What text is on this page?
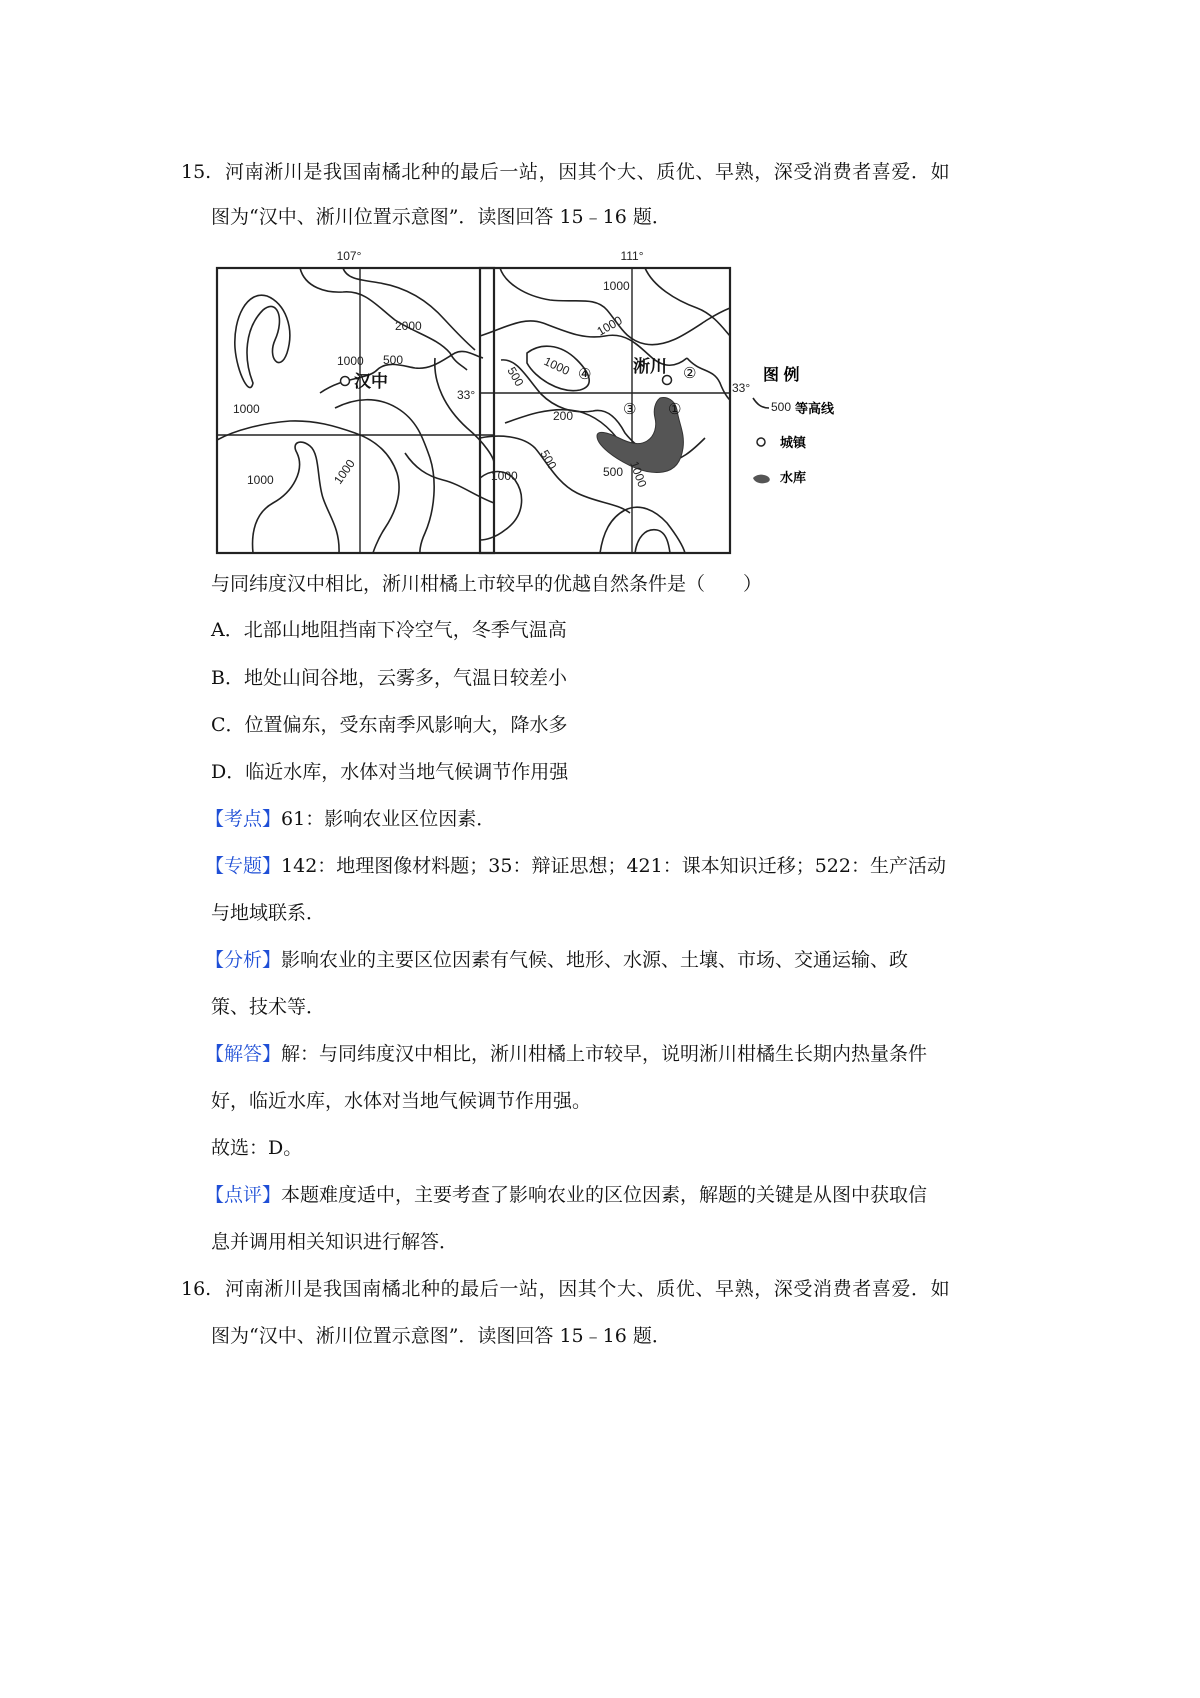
15. 河南淅川是我国南橘北种的最后一站，因其个大、质优、早熟，深受消费者喜爱．如
图为“汉中、淅川位置示意图”．读图回答 15﹣16 题．
107°
2000
1000 500
1000
1000	1000
汉中
111°
33°	33°
1000
1000
1000
500
200
500
1000	1000
500
淅川 ②
①
③
④	图 例
500 等高线
城镇
水库
与同纬度汉中相比，淅川柑橘上市较早的优越自然条件是（　　）
A．北部山地阻挡南下冷空气，冬季气温高
B．地处山间谷地，云雾多，气温日较差小
C．位置偏东，受东南季风影响大，降水多
D．临近水库，水体对当地气候调节作用强
【考点】61：影响农业区位因素．
【专题】142：地理图像材料题；35：辩证思想；421：课本知识迁移；522：生产活动
与地域联系．
【分析】影响农业的主要区位因素有气候、地形、水源、土壤、市场、交通运输、政
策、技术等．
【解答】解：与同纬度汉中相比，淅川柑橘上市较早，说明淅川柑橘生长期内热量条件
好，临近水库，水体对当地气候调节作用强。
故选：D。
【点评】本题难度适中，主要考查了影响农业的区位因素，解题的关键是从图中获取信
息并调用相关知识进行解答．
16. 河南淅川是我国南橘北种的最后一站，因其个大、质优、早熟，深受消费者喜爱．如
图为“汉中、淅川位置示意图”．读图回答 15﹣16 题．
